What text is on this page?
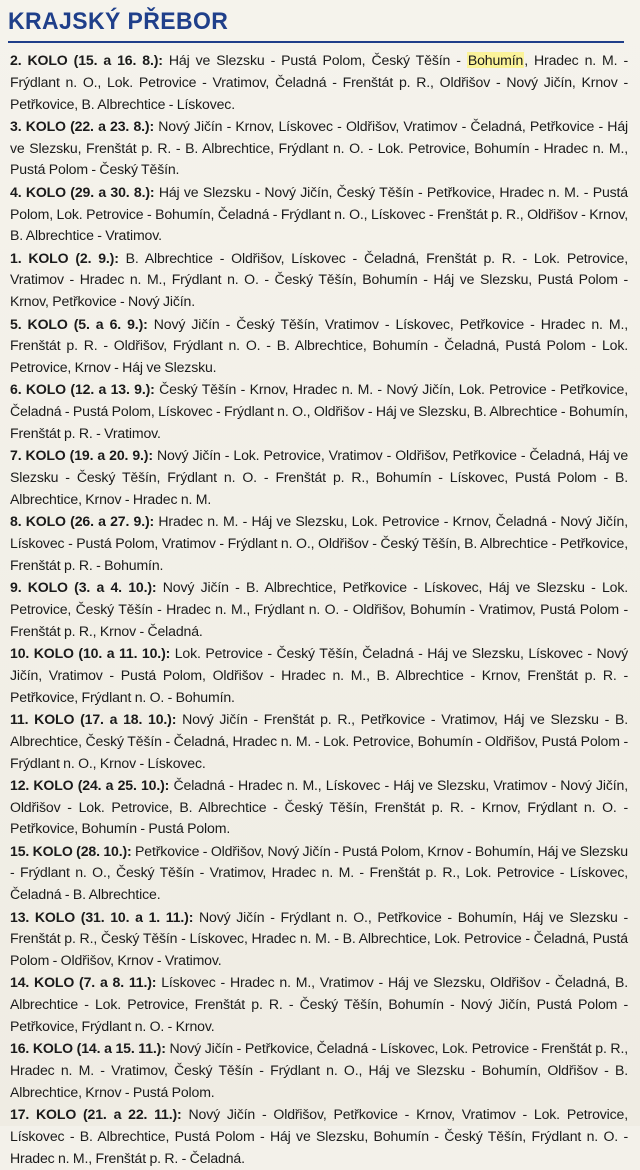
KRAJSKÝ PŘEBOR

2. KOLO (15. a 16. 8.): Háj ve Slezsku - Pustá Polom, Český Těšín - Bohumín, Hradec n. M. - Frýdlant n. O., Lok. Petrovice - Vratimov, Čeladná - Frenštát p. R., Oldřišov - Nový Jičín, Krnov - Petřkovice, B. Albrechtice - Lískovec.

3. KOLO (22. a 23. 8.): Nový Jičín - Krnov, Lískovec - Oldřišov, Vratimov - Čeladná, Petřkovice - Háj ve Slezsku, Frenštát p. R. - B. Albrechtice, Frýdlant n. O. - Lok. Petrovice, Bohumín - Hradec n. M., Pustá Polom - Český Těšín.

4. KOLO (29. a 30. 8.): Háj ve Slezsku - Nový Jičín, Český Těšín - Petřkovice, Hradec n. M. - Pustá Polom, Lok. Petrovice - Bohumín, Čeladná - Frýdlant n. O., Lískovec - Frenštát p. R., Oldřišov - Krnov, B. Albrechtice - Vratimov.

1. KOLO (2. 9.): B. Albrechtice - Oldřišov, Lískovec - Čeladná, Frenštát p. R. - Lok. Petrovice, Vratimov - Hradec n. M., Frýdlant n. O. - Český Těšín, Bohumín - Háj ve Slezsku, Pustá Polom - Krnov, Petřkovice - Nový Jičín.

5. KOLO (5. a 6. 9.): Nový Jičín - Český Těšín, Vratimov - Lískovec, Petřkovice - Hradec n. M., Frenštát p. R. - Oldřišov, Frýdlant n. O. - B. Albrechtice, Bohumín - Čeladná, Pustá Polom - Lok. Petrovice, Krnov - Háj ve Slezsku.

6. KOLO (12. a 13. 9.): Český Těšín - Krnov, Hradec n. M. - Nový Jičín, Lok. Petrovice - Petřkovice, Čeladná - Pustá Polom, Lískovec - Frýdlant n. O., Oldřišov - Háj ve Slezsku, B. Albrechtice - Bohumín, Frenštát p. R. - Vratimov.

7. KOLO (19. a 20. 9.): Nový Jičín - Lok. Petrovice, Vratimov - Oldřišov, Petřkovice - Čeladná, Háj ve Slezsku - Český Těšín, Frýdlant n. O. - Frenštát p. R., Bohumín - Lískovec, Pustá Polom - B. Albrechtice, Krnov - Hradec n. M.

8. KOLO (26. a 27. 9.): Hradec n. M. - Háj ve Slezsku, Lok. Petrovice - Krnov, Čeladná - Nový Jičín, Lískovec - Pustá Polom, Vratimov - Frýdlant n. O., Oldřišov - Český Těšín, B. Albrechtice - Petřkovice, Frenštát p. R. - Bohumín.

9. KOLO (3. a 4. 10.): Nový Jičín - B. Albrechtice, Petřkovice - Lískovec, Háj ve Slezsku - Lok. Petrovice, Český Těšín - Hradec n. M., Frýdlant n. O. - Oldřišov, Bohumín - Vratimov, Pustá Polom - Frenštát p. R., Krnov - Čeladná.

10. KOLO (10. a 11. 10.): Lok. Petrovice - Český Těšín, Čeladná - Háj ve Slezsku, Lískovec - Nový Jičín, Vratimov - Pustá Polom, Oldřišov - Hradec n. M., B. Albrechtice - Krnov, Frenštát p. R. - Petřkovice, Frýdlant n. O. - Bohumín.

11. KOLO (17. a 18. 10.): Nový Jičín - Frenštát p. R., Petřkovice - Vratimov, Háj ve Slezsku - B. Albrechtice, Český Těšín - Čeladná, Hradec n. M. - Lok. Petrovice, Bohumín - Oldřišov, Pustá Polom - Frýdlant n. O., Krnov - Lískovec.

12. KOLO (24. a 25. 10.): Čeladná - Hradec n. M., Lískovec - Háj ve Slezsku, Vratimov - Nový Jičín, Oldřišov - Lok. Petrovice, B. Albrechtice - Český Těšín, Frenštát p. R. - Krnov, Frýdlant n. O. - Petřkovice, Bohumín - Pustá Polom.

15. KOLO (28. 10.): Petřkovice - Oldřišov, Nový Jičín - Pustá Polom, Krnov - Bohumín, Háj ve Slezsku - Frýdlant n. O., Český Těšín - Vratimov, Hradec n. M. - Frenštát p. R., Lok. Petrovice - Lískovec, Čeladná - B. Albrechtice.

13. KOLO (31. 10. a 1. 11.): Nový Jičín - Frýdlant n. O., Petřkovice - Bohumín, Háj ve Slezsku - Frenštát p. R., Český Těšín - Lískovec, Hradec n. M. - B. Albrechtice, Lok. Petrovice - Čeladná, Pustá Polom - Oldřišov, Krnov - Vratimov.

14. KOLO (7. a 8. 11.): Lískovec - Hradec n. M., Vratimov - Háj ve Slezsku, Oldřišov - Čeladná, B. Albrechtice - Lok. Petrovice, Frenštát p. R. - Český Těšín, Bohumín - Nový Jičín, Pustá Polom - Petřkovice, Frýdlant n. O. - Krnov.

16. KOLO (14. a 15. 11.): Nový Jičín - Petřkovice, Čeladná - Lískovec, Lok. Petrovice - Frenštát p. R., Hradec n. M. - Vratimov, Český Těšín - Frýdlant n. O., Háj ve Slezsku - Bohumín, Oldřišov - B. Albrechtice, Krnov - Pustá Polom.

17. KOLO (21. a 22. 11.): Nový Jičín - Oldřišov, Petřkovice - Krnov, Vratimov - Lok. Petrovice, Lískovec - B. Albrechtice, Pustá Polom - Háj ve Slezsku, Bohumín - Český Těšín, Frýdlant n. O. - Hradec n. M., Frenštát p. R. - Čeladná.
